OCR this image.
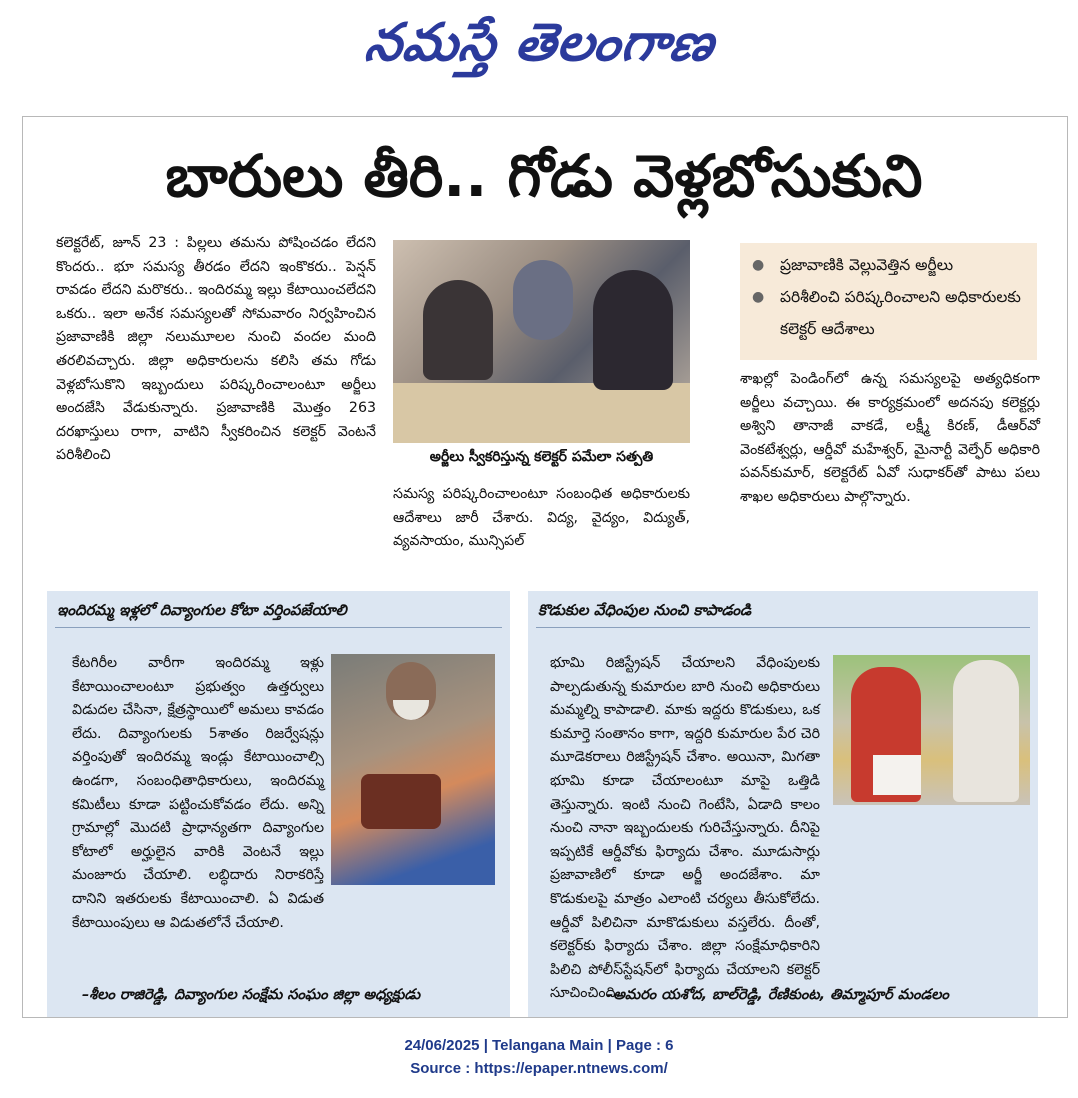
నమస్తే తెలంగాణ
బారులు తీరి.. గోడు వెళ్లబోసుకుని

కలెక్టరేట్, జూన్ 23 : పిల్లలు తమను పోషించడం లేదని కొందరు.. భూ సమస్య తీరడం లేదని ఇంకొకరు.. పెన్షన్ రావడం లేదని మరొకరు.. ఇందిరమ్మ ఇల్లు కేటాయించలేదని ఒకరు.. ఇలా అనేక సమస్యలతో సోమవారం నిర్వహించిన ప్రజావాణికి జిల్లా నలుమూలల నుంచి వందల మంది తరలివచ్చారు. జిల్లా అధికారులను కలిసి తమ గోడు వెళ్లబోసుకొని ఇబ్బందులు పరిష్కరించాలంటూ అర్జీలు అందజేసి వేడుకున్నారు. ప్రజావాణికి మొత్తం 263 దరఖాస్తులు రాగా, వాటిని స్వీకరించిన కలెక్టర్ వెంటనే పరిశీలించి	అర్జీలు స్వీకరిస్తున్న కలెక్టర్ పమేలా సత్పతి

సమస్య పరిష్కరించాలంటూ సంబంధిత అధికారులకు ఆదేశాలు జారీ చేశారు. విద్య, వైద్యం, విద్యుత్, వ్యవసాయం, మున్సిపల్

● ప్రజావాణికి వెల్లువెత్తిన అర్జీలు
● పరిశీలించి పరిష్కరించాలని అధికారులకు కలెక్టర్ ఆదేశాలు

శాఖల్లో పెండింగ్‌లో ఉన్న సమస్యలపై అత్యధికంగా అర్జీలు వచ్చాయి. ఈ కార్యక్రమంలో అదనపు కలెక్టర్లు అశ్విని తానాజీ వాకడే, లక్ష్మీ కిరణ్, డీఆర్‌వో వెంకటేశ్వర్లు, ఆర్డీవో మహేశ్వర్, మైనార్టీ వెల్ఫేర్ అధికారి పవన్‌కుమార్, కలెక్టరేట్ ఏవో సుధాకర్‌తో పాటు పలు శాఖల అధికారులు పాల్గొన్నారు.

ఇందిరమ్మ ఇళ్లలో దివ్యాంగుల కోటా వర్తింపజేయాలి

కేటగిరీల వారీగా ఇందిరమ్మ ఇళ్లు కేటాయించాలంటూ ప్రభుత్వం ఉత్తర్వులు విడుదల చేసినా, క్షేత్రస్థాయిలో అమలు కావడం లేదు. దివ్యాంగులకు 5శాతం రిజర్వేషన్లు వర్తింపుతో ఇందిరమ్మ ఇండ్లు కేటాయించాల్సి ఉండగా, సంబంధితాధికారులు, ఇందిరమ్మ కమిటీలు కూడా పట్టించుకోవడం లేదు. అన్ని గ్రామాల్లో మొదటి ప్రాధాన్యతగా దివ్యాంగుల కోటాలో అర్హులైన వారికి వెంటనే ఇల్లు మంజూరు చేయాలి. లబ్ధిదారు నిరాకరిస్తే దానిని ఇతరులకు కేటాయించాలి. ఏ విడుత కేటాయింపులు ఆ విడుతలోనే చేయాలి.

–శీలం రాజిరెడ్డి, దివ్యాంగుల సంక్షేమ సంఘం జిల్లా అధ్యక్షుడు
కొడుకుల వేధింపుల నుంచి కాపాడండి

భూమి రిజిస్ట్రేషన్ చేయాలని వేధింపులకు పాల్పడుతున్న కుమారుల బారి నుంచి అధికారులు మమ్మల్ని కాపాడాలి. మాకు ఇద్దరు కొడుకులు, ఒక కుమార్తె సంతానం కాగా, ఇద్దరి కుమారుల పేర చెరి మూడెకరాలు రిజిస్ట్రేషన్ చేశాం. అయినా, మిగతా భూమి కూడా చేయాలంటూ మాపై ఒత్తిడి తెస్తున్నారు. ఇంటి నుంచి గెంటేసి, ఏడాది కాలం నుంచి నానా ఇబ్బందులకు గురిచేస్తున్నారు. దీనిపై ఇప్పటికే ఆర్డీవోకు ఫిర్యాదు చేశాం. మూడుసార్లు ప్రజావాణిలో కూడా అర్జీ అందజేశాం. మా కొడుకులపై మాత్రం ఎలాంటి చర్యలు తీసుకోలేదు. ఆర్డీవో పిలిచినా మాకొడుకులు వస్తలేరు. దీంతో, కలెక్టర్‌కు ఫిర్యాదు చేశాం. జిల్లా సంక్షేమాధికారిని పిలిచి పోలీస్‌స్టేషన్‌లో ఫిర్యాదు చేయాలని కలెక్టర్ సూచించింది.

–అమరం యశోద, బాల్‌రెడ్డి, రేణికుంట, తిమ్మాపూర్ మండలం
24/06/2025 | Telangana Main | Page : 6
Source : https://epaper.ntnews.com/
